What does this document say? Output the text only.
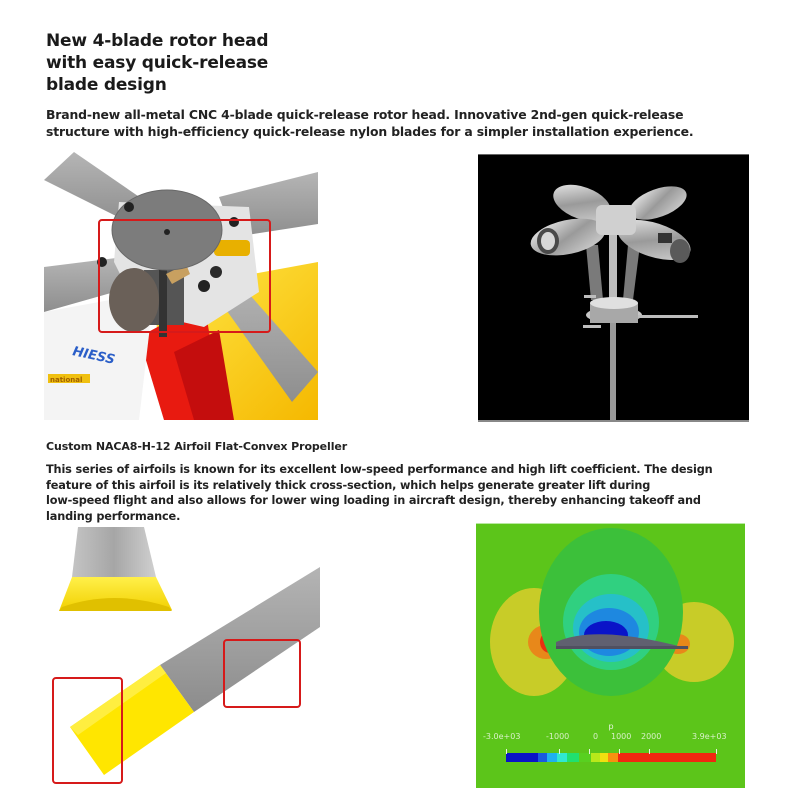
New 4-blade rotor head
with easy quick-release
blade design
Brand-new all-metal CNC 4-blade quick-release rotor head. Innovative 2nd-gen quick-release
structure with high-efficiency quick-release nylon blades for a simpler installation experience.
HIESS
national
Custom NACA8-H-12 Airfoil Flat-Convex Propeller
This series of airfoils is known for its excellent low-speed performance and high lift coefficient. The design
feature of this airfoil is its relatively thick cross-section, which helps generate greater lift during
low-speed flight and also allows for lower wing loading in aircraft design, thereby enhancing takeoff and
landing performance.
p
-3.0e+03	-1000	0 1000 2000	3.9e+03
